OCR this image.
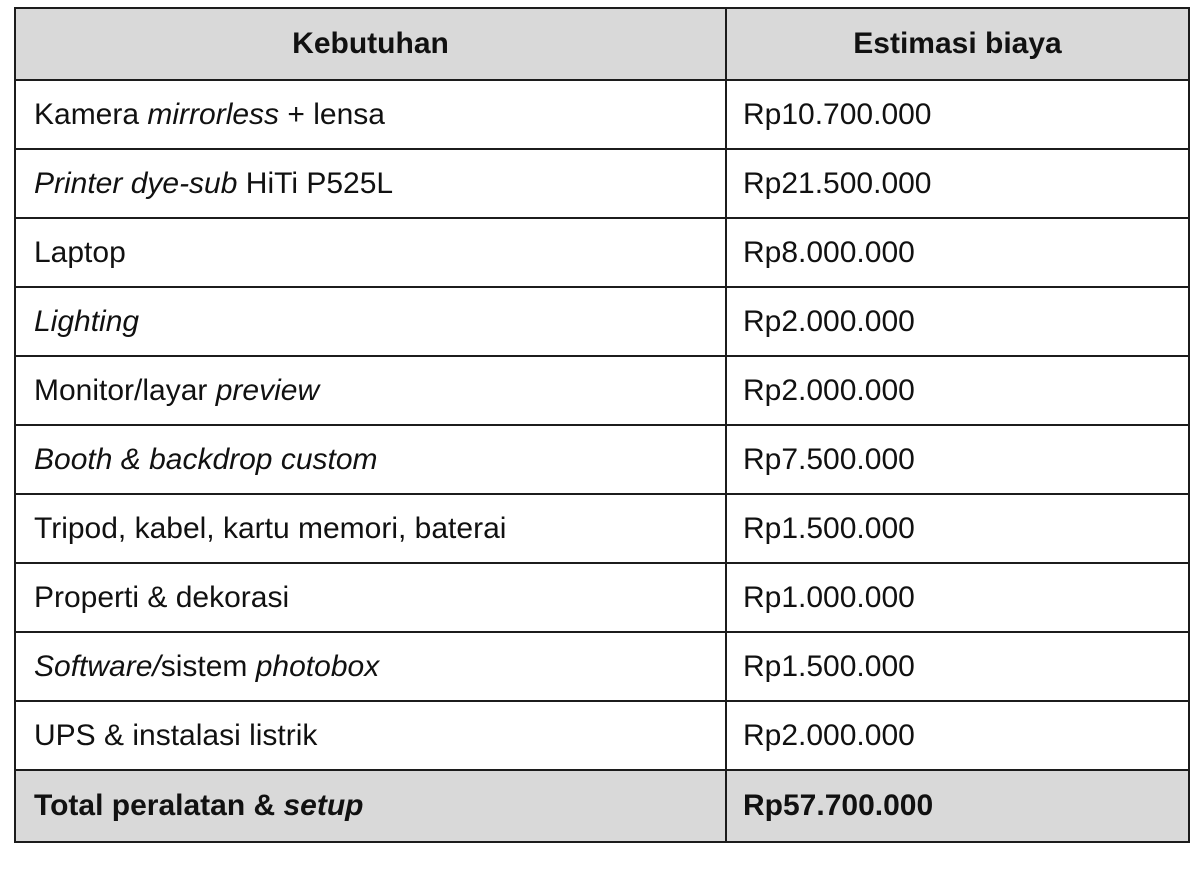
Kebutuhan	Estimasi biaya
Kamera mirrorless + lensa	Rp10.700.000
Printer dye-sub HiTi P525L	Rp21.500.000
Laptop	Rp8.000.000
Lighting	Rp2.000.000
Monitor/layar preview	Rp2.000.000
Booth & backdrop custom	Rp7.500.000
Tripod, kabel, kartu memori, baterai	Rp1.500.000
Properti & dekorasi	Rp1.000.000
Software/sistem photobox	Rp1.500.000
UPS & instalasi listrik	Rp2.000.000
Total peralatan & setup	Rp57.700.000
